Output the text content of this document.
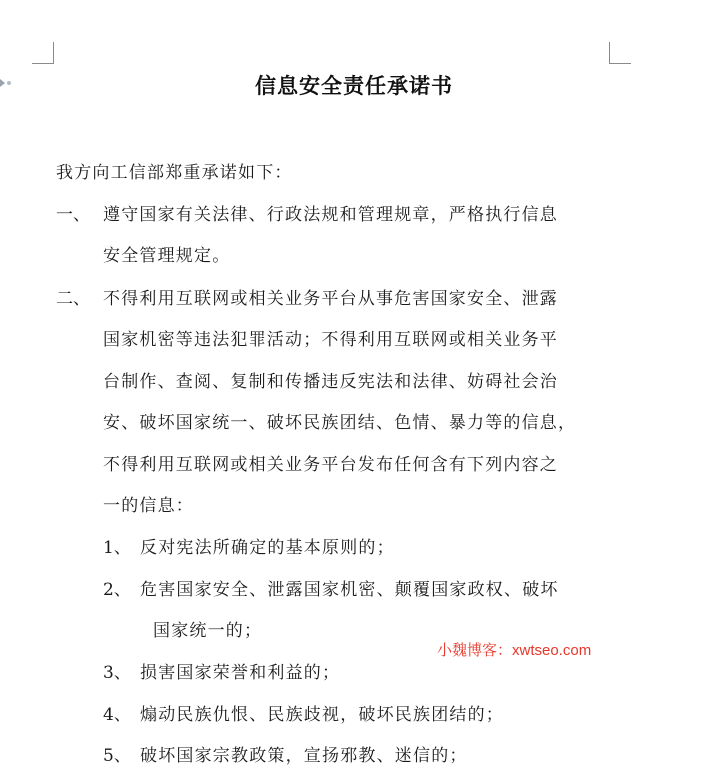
信息安全责任承诺书
我方向工信部郑重承诺如下：
一、 遵守国家有关法律、行政法规和管理规章，严格执行信息
安全管理规定。
二、 不得利用互联网或相关业务平台从事危害国家安全、泄露
国家机密等违法犯罪活动；不得利用互联网或相关业务平
台制作、查阅、复制和传播违反宪法和法律、妨碍社会治
安、破坏国家统一、破坏民族团结、色情、暴力等的信息，
不得利用互联网或相关业务平台发布任何含有下列内容之
一的信息：
1、 反对宪法所确定的基本原则的；
2、 危害国家安全、泄露国家机密、颠覆国家政权、破坏
国家统一的；
3、 损害国家荣誉和利益的；
4、 煽动民族仇恨、民族歧视，破坏民族团结的；
5、 破坏国家宗教政策，宣扬邪教、迷信的；
小魏博客：xwtseo.com
